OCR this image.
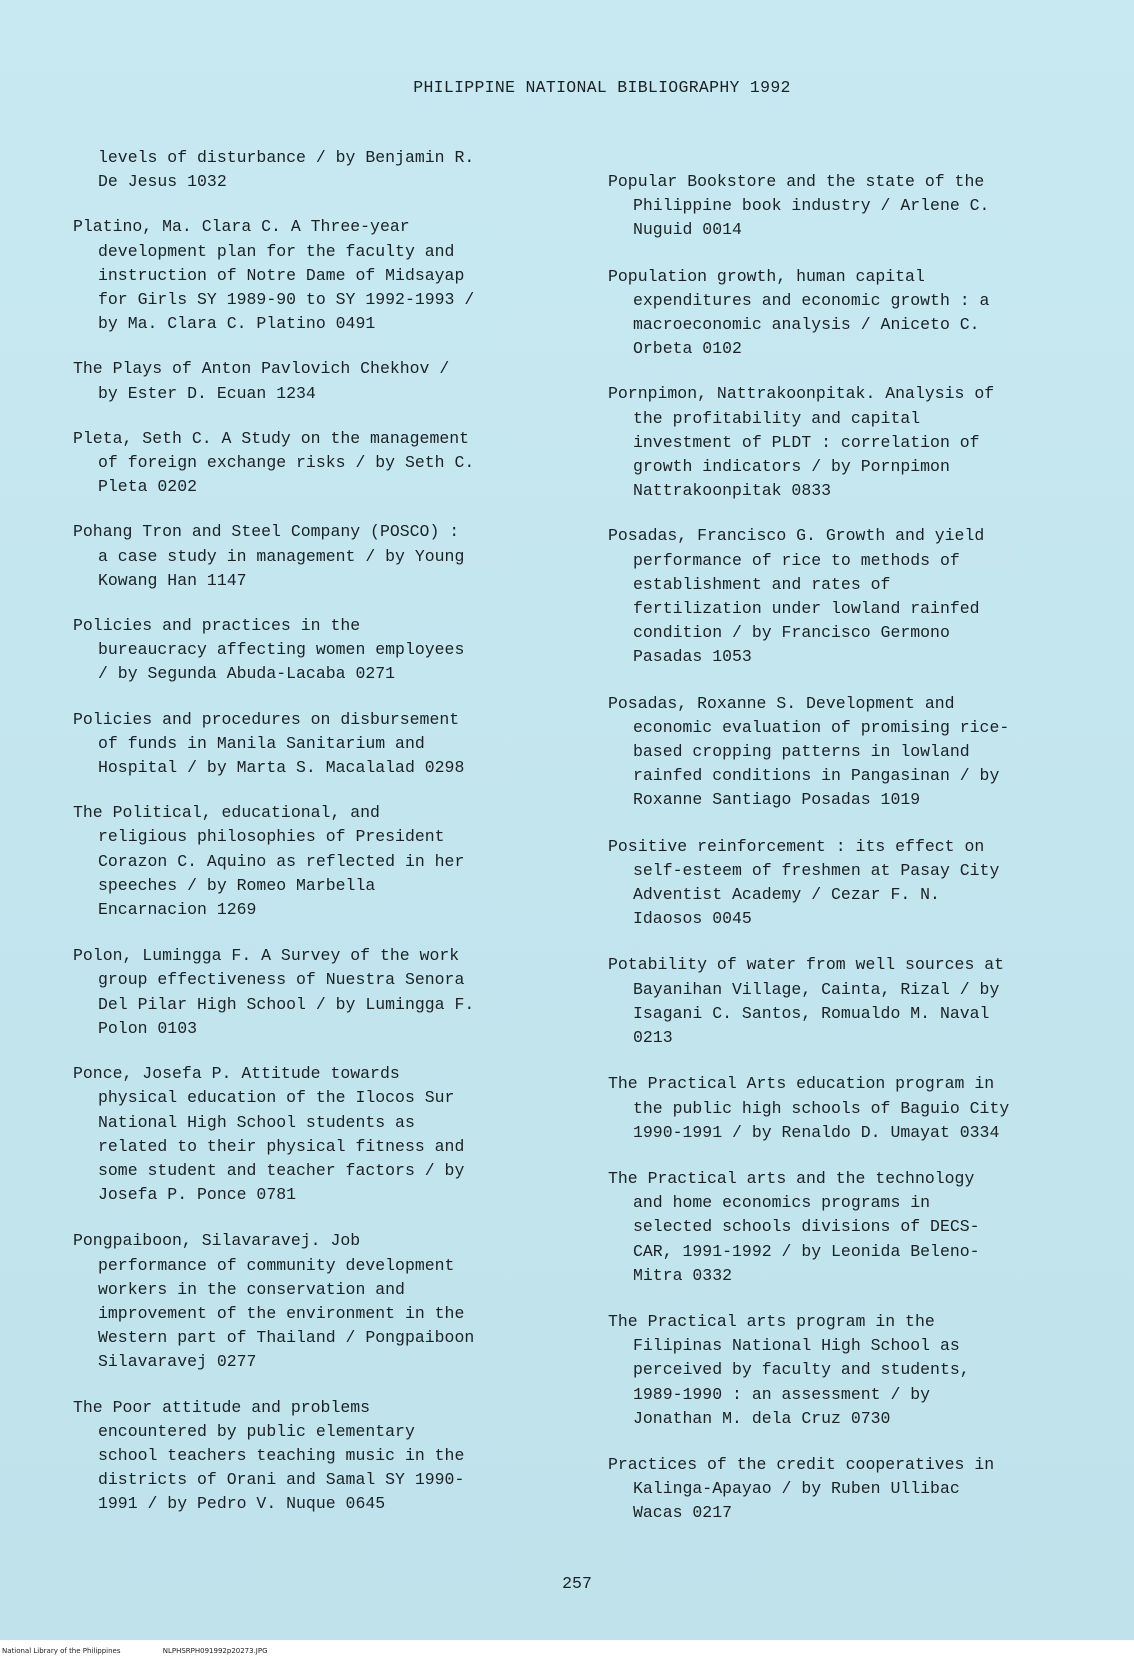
PHILIPPINE NATIONAL BIBLIOGRAPHY 1992
levels of disturbance / by Benjamin R.
De Jesus 1032
Platino, Ma. Clara C. A Three-year
development plan for the faculty and
instruction of Notre Dame of Midsayap
for Girls SY 1989-90 to SY 1992-1993 /
by Ma. Clara C. Platino 0491
The Plays of Anton Pavlovich Chekhov /
by Ester D. Ecuan 1234
Pleta, Seth C. A Study on the management
of foreign exchange risks / by Seth C.
Pleta 0202
Pohang Tron and Steel Company (POSCO) :
a case study in management / by Young
Kowang Han 1147
Policies and practices in the
bureaucracy affecting women employees
/ by Segunda Abuda-Lacaba 0271
Policies and procedures on disbursement
of funds in Manila Sanitarium and
Hospital / by Marta S. Macalalad 0298
The Political, educational, and
religious philosophies of President
Corazon C. Aquino as reflected in her
speeches / by Romeo Marbella
Encarnacion 1269
Polon, Lumingga F. A Survey of the work
group effectiveness of Nuestra Senora
Del Pilar High School / by Lumingga F.
Polon 0103
Ponce, Josefa P. Attitude towards
physical education of the Ilocos Sur
National High School students as
related to their physical fitness and
some student and teacher factors / by
Josefa P. Ponce 0781
Pongpaiboon, Silavaravej. Job
performance of community development
workers in the conservation and
improvement of the environment in the
Western part of Thailand / Pongpaiboon
Silavaravej 0277
The Poor attitude and problems
encountered by public elementary
school teachers teaching music in the
districts of Orani and Samal SY 1990-
1991 / by Pedro V. Nuque 0645
Popular Bookstore and the state of the
Philippine book industry / Arlene C.
Nuguid 0014
Population growth, human capital
expenditures and economic growth : a
macroeconomic analysis / Aniceto C.
Orbeta 0102
Pornpimon, Nattrakoonpitak. Analysis of
the profitability and capital
investment of PLDT : correlation of
growth indicators / by Pornpimon
Nattrakoonpitak 0833
Posadas, Francisco G. Growth and yield
performance of rice to methods of
establishment and rates of
fertilization under lowland rainfed
condition / by Francisco Germono
Pasadas 1053
Posadas, Roxanne S. Development and
economic evaluation of promising rice-
based cropping patterns in lowland
rainfed conditions in Pangasinan / by
Roxanne Santiago Posadas 1019
Positive reinforcement : its effect on
self-esteem of freshmen at Pasay City
Adventist Academy / Cezar F. N.
Idaosos 0045
Potability of water from well sources at
Bayanihan Village, Cainta, Rizal / by
Isagani C. Santos, Romualdo M. Naval
0213
The Practical Arts education program in
the public high schools of Baguio City
1990-1991 / by Renaldo D. Umayat 0334
The Practical arts and the technology
and home economics programs in
selected schools divisions of DECS-
CAR, 1991-1992 / by Leonida Beleno-
Mitra 0332
The Practical arts program in the
Filipinas National High School as
perceived by faculty and students,
1989-1990 : an assessment / by
Jonathan M. dela Cruz 0730
Practices of the credit cooperatives in
Kalinga-Apayao / by Ruben Ullibac
Wacas 0217
257
National Library of the Philippines	NLPHSRPH091992p20273.JPG
